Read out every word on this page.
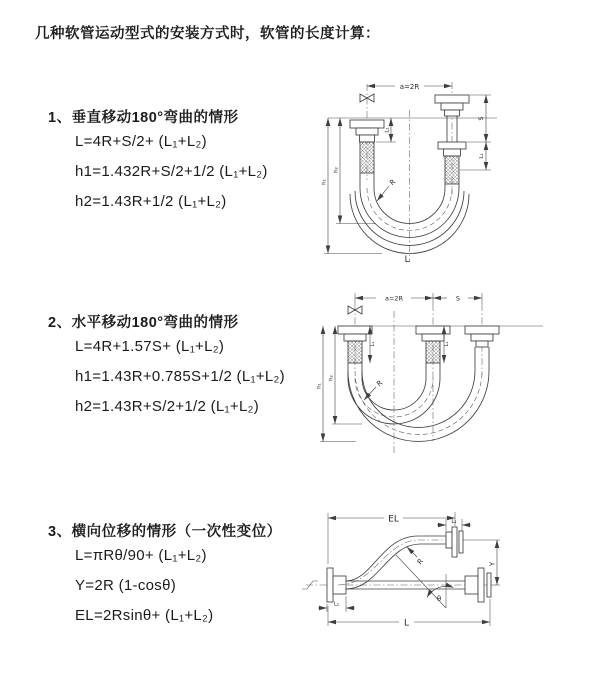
几种软管运动型式的安装方式时，软管的长度计算：
1、垂直移动180°弯曲的情形
L=4R+S/2+ (L₁+L₂)
h1=1.432R+S/2+1/2 (L₁+L₂)
h2=1.43R+1/2 (L₁+L₂)
2、水平移动180°弯曲的情形
L=4R+1.57S+ (L₁+L₂)
h1=1.43R+0.785S+1/2 (L₁+L₂)
h2=1.43R+S/2+1/2 (L₁+L₂)
3、横向位移的情形（一次性变位）
L=πRθ/90+ (L₁+L₂)
Y=2R (1-cosθ)
EL=2Rsinθ+ (L₁+L₂)
a=2R
L₁
S
L₁
h₂
h₁	R
L
a=2R	S
L₁	L₁
h₂
h₁	R
EL	L₁
Y
R
θ
L
L₁
